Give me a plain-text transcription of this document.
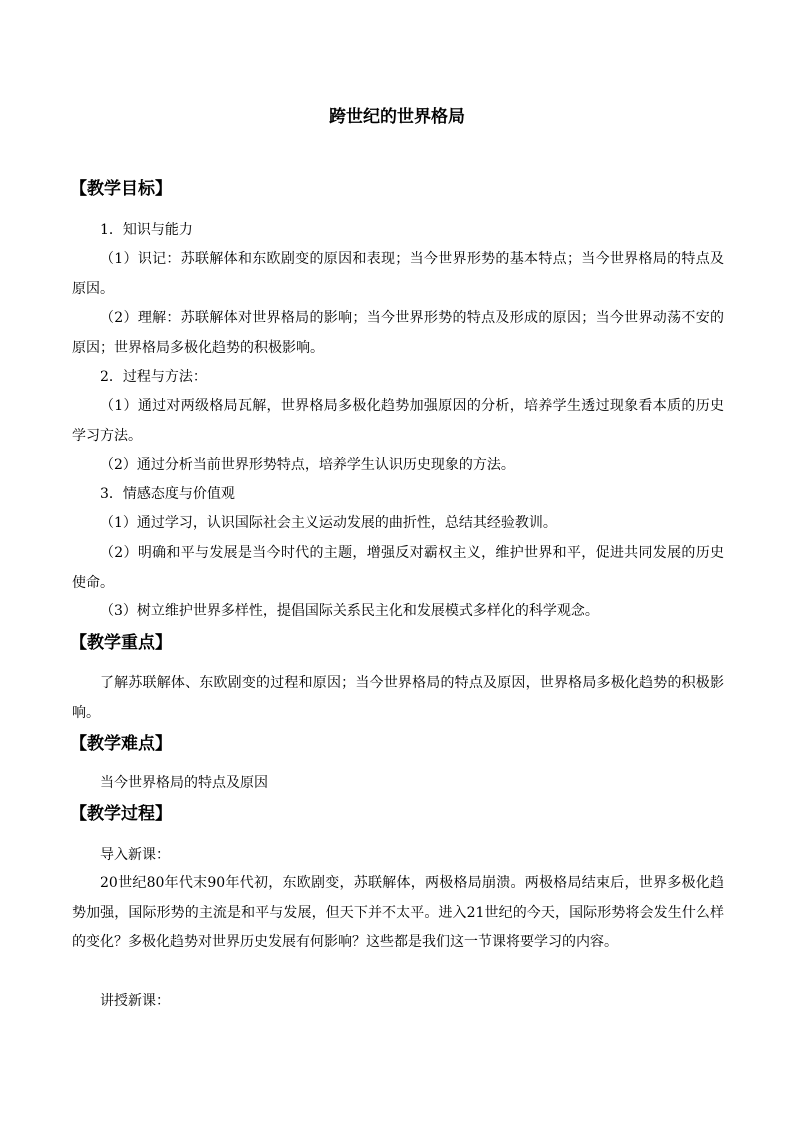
跨世纪的世界格局
【教学目标】
1．知识与能力
（1）识记：苏联解体和东欧剧变的原因和表现；当今世界形势的基本特点；当今世界格局的特点及原因。
（2）理解：苏联解体对世界格局的影响；当今世界形势的特点及形成的原因；当今世界动荡不安的原因；世界格局多极化趋势的积极影响。
2．过程与方法：
（1）通过对两级格局瓦解，世界格局多极化趋势加强原因的分析，培养学生透过现象看本质的历史学习方法。
（2）通过分析当前世界形势特点，培养学生认识历史现象的方法。
3．情感态度与价值观
（1）通过学习，认识国际社会主义运动发展的曲折性，总结其经验教训。
（2）明确和平与发展是当今时代的主题，增强反对霸权主义，维护世界和平，促进共同发展的历史使命。
（3）树立维护世界多样性，提倡国际关系民主化和发展模式多样化的科学观念。
【教学重点】
了解苏联解体、东欧剧变的过程和原因；当今世界格局的特点及原因，世界格局多极化趋势的积极影响。
【教学难点】
当今世界格局的特点及原因
【教学过程】
导入新课：
20世纪80年代末90年代初，东欧剧变，苏联解体，两极格局崩溃。两极格局结束后，世界多极化趋势加强，国际形势的主流是和平与发展，但天下并不太平。进入21世纪的今天，国际形势将会发生什么样的变化？多极化趋势对世界历史发展有何影响？这些都是我们这一节课将要学习的内容。
讲授新课：
